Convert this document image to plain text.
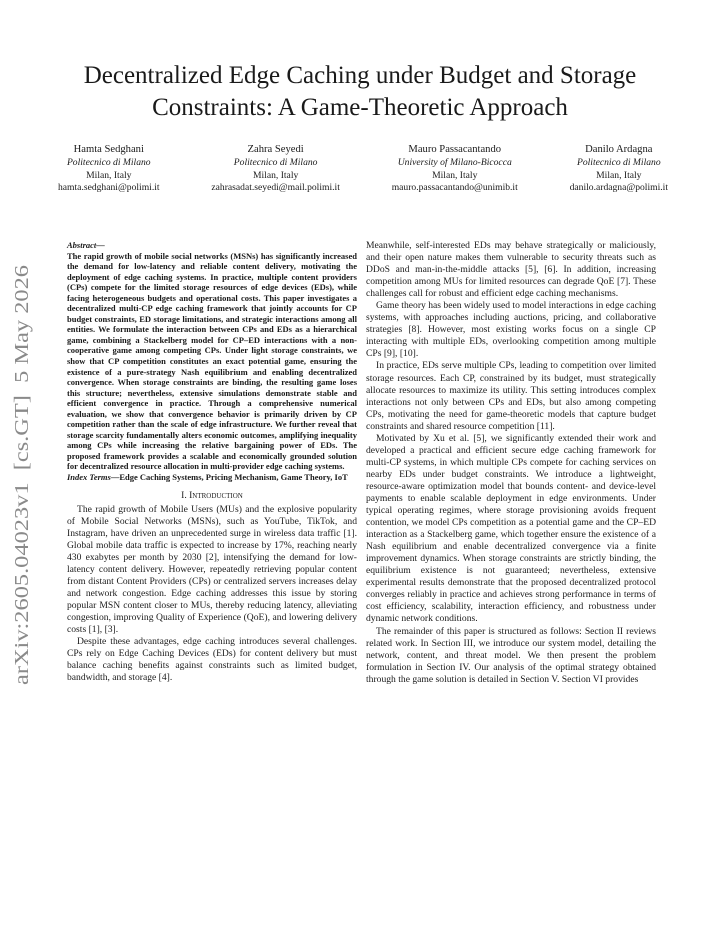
arXiv:2605.04023v1  [cs.GT]  5 May 2026
Decentralized Edge Caching under Budget and Storage Constraints: A Game-Theoretic Approach
Hamta Sedghani
Politecnico di Milano
Milan, Italy
hamta.sedghani@polimi.it
Zahra Seyedi
Politecnico di Milano
Milan, Italy
zahrasadat.seyedi@mail.polimi.it
Mauro Passacantando
University of Milano-Bicocca
Milan, Italy
mauro.passacantando@unimib.it
Danilo Ardagna
Politecnico di Milano
Milan, Italy
danilo.ardagna@polimi.it
Abstract—
The rapid growth of mobile social networks (MSNs) has significantly increased the demand for low-latency and reliable content delivery, motivating the deployment of edge caching systems. In practice, multiple content providers (CPs) compete for the limited storage resources of edge devices (EDs), while facing heterogeneous budgets and operational costs. This paper investigates a decentralized multi-CP edge caching framework that jointly accounts for CP budget constraints, ED storage limitations, and strategic interactions among all entities. We formulate the interaction between CPs and EDs as a hierarchical game, combining a Stackelberg model for CP–ED interactions with a non-cooperative game among competing CPs. Under light storage constraints, we show that CP competition constitutes an exact potential game, ensuring the existence of a pure-strategy Nash equilibrium and enabling decentralized convergence. When storage constraints are binding, the resulting game loses this structure; nevertheless, extensive simulations demonstrate stable and efficient convergence in practice. Through a comprehensive numerical evaluation, we show that convergence behavior is primarily driven by CP competition rather than the scale of edge infrastructure. We further reveal that storage scarcity fundamentally alters economic outcomes, amplifying inequality among CPs while increasing the relative bargaining power of EDs. The proposed framework provides a scalable and economically grounded solution for decentralized resource allocation in multi-provider edge caching systems.
Index Terms—Edge Caching Systems, Pricing Mechanism, Game Theory, IoT
I. Introduction

The rapid growth of Mobile Users (MUs) and the explosive popularity of Mobile Social Networks (MSNs), such as YouTube, TikTok, and Instagram, have driven an unprecedented surge in wireless data traffic [1]. Global mobile data traffic is expected to increase by 17%, reaching nearly 430 exabytes per month by 2030 [2], intensifying the demand for low-latency content delivery. However, repeatedly retrieving popular content from distant Content Providers (CPs) or centralized servers increases delay and network congestion. Edge caching addresses this issue by storing popular MSN content closer to MUs, thereby reducing latency, alleviating congestion, improving Quality of Experience (QoE), and lowering delivery costs [1], [3].

Despite these advantages, edge caching introduces several challenges. CPs rely on Edge Caching Devices (EDs) for content delivery but must balance caching benefits against constraints such as limited budget, bandwidth, and storage [4].

Meanwhile, self-interested EDs may behave strategically or maliciously, and their open nature makes them vulnerable to security threats such as DDoS and man-in-the-middle attacks [5], [6]. In addition, increasing competition among MUs for limited resources can degrade QoE [7]. These challenges call for robust and efficient edge caching mechanisms.

Game theory has been widely used to model interactions in edge caching systems, with approaches including auctions, pricing, and collaborative strategies [8]. However, most existing works focus on a single CP interacting with multiple EDs, overlooking competition among multiple CPs [9], [10].

In practice, EDs serve multiple CPs, leading to competition over limited storage resources. Each CP, constrained by its budget, must strategically allocate resources to maximize its utility. This setting introduces complex interactions not only between CPs and EDs, but also among competing CPs, motivating the need for game-theoretic models that capture budget constraints and shared resource competition [11].

Motivated by Xu et al. [5], we significantly extended their work and developed a practical and efficient secure edge caching framework for multi-CP systems, in which multiple CPs compete for caching services on nearby EDs under budget constraints. We introduce a lightweight, resource-aware optimization model that bounds content- and device-level payments to enable scalable deployment in edge environments. Under typical operating regimes, where storage provisioning avoids frequent contention, we model CPs competition as a potential game and the CP–ED interaction as a Stackelberg game, which together ensure the existence of a Nash equilibrium and enable decentralized convergence via a finite improvement dynamics. When storage constraints are strictly binding, the equilibrium existence is not guaranteed; nevertheless, extensive experimental results demonstrate that the proposed decentralized protocol converges reliably in practice and achieves strong performance in terms of cost efficiency, scalability, interaction efficiency, and robustness under dynamic network conditions.

The remainder of this paper is structured as follows: Section II reviews related work. In Section III, we introduce our system model, detailing the network, content, and threat model. We then present the problem formulation in Section IV. Our analysis of the optimal strategy obtained through the game solution is detailed in Section V. Section VI provides
